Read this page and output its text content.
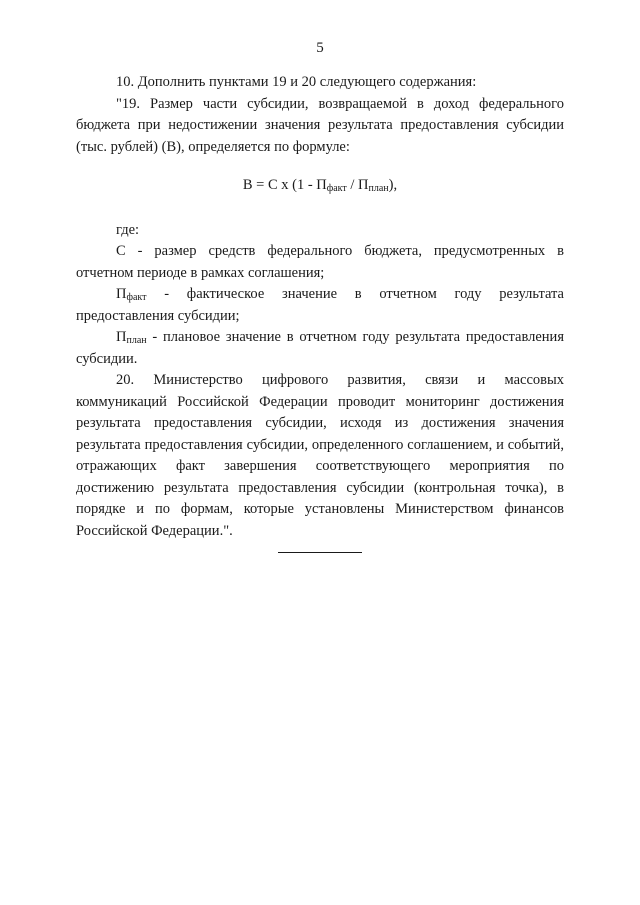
5

10. Дополнить пунктами 19 и 20 следующего содержания:

"19. Размер части субсидии, возвращаемой в доход федерального бюджета при недостижении значения результата предоставления субсидии (тыс. рублей) (В), определяется по формуле:

В = С х $(1 - П_{факт} / П_{план})$,

где:

С - размер средств федерального бюджета, предусмотренных в отчетном периоде в рамках соглашения;

$П_{факт}$ - фактическое значение в отчетном году результата предоставления субсидии;

$П_{план}$ - плановое значение в отчетном году результата предоставления субсидии.

20. Министерство цифрового развития, связи и массовых коммуникаций Российской Федерации проводит мониторинг достижения результата предоставления субсидии, исходя из достижения значения результата предоставления субсидии, определенного соглашением, и событий, отражающих факт завершения соответствующего мероприятия по достижению результата предоставления субсидии (контрольная точка), в порядке и по формам, которые установлены Министерством финансов Российской Федерации.".
